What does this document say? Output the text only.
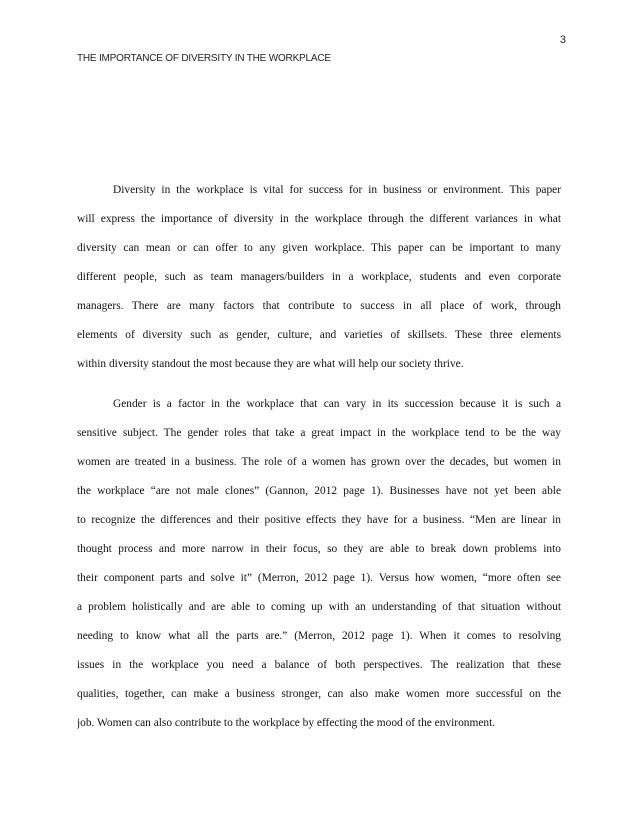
3
THE IMPORTANCE OF DIVERSITY IN THE WORKPLACE
Diversity in the workplace is vital for success for in business or environment. This paper
will express the importance of diversity in the workplace through the different variances in what
diversity can mean or can offer to any given workplace. This paper can be important to many
different people, such as team managers/builders in a workplace, students and even corporate
managers. There are many factors that contribute to success in all place of work, through
elements of diversity such as gender, culture, and varieties of skillsets. These three elements
within diversity standout the most because they are what will help our society thrive.
Gender is a factor in the workplace that can vary in its succession because it is such a
sensitive subject. The gender roles that take a great impact in the workplace tend to be the way
women are treated in a business. The role of a women has grown over the decades, but women in
the workplace “are not male clones” (Gannon, 2012 page 1). Businesses have not yet been able
to recognize the differences and their positive effects they have for a business. “Men are linear in
thought process and more narrow in their focus, so they are able to break down problems into
their component parts and solve it” (Merron, 2012 page 1). Versus how women, “more often see
a problem holistically and are able to coming up with an understanding of that situation without
needing to know what all the parts are.” (Merron, 2012 page 1). When it comes to resolving
issues in the workplace you need a balance of both perspectives. The realization that these
qualities, together, can make a business stronger, can also make women more successful on the
job. Women can also contribute to the workplace by effecting the mood of the environment.
